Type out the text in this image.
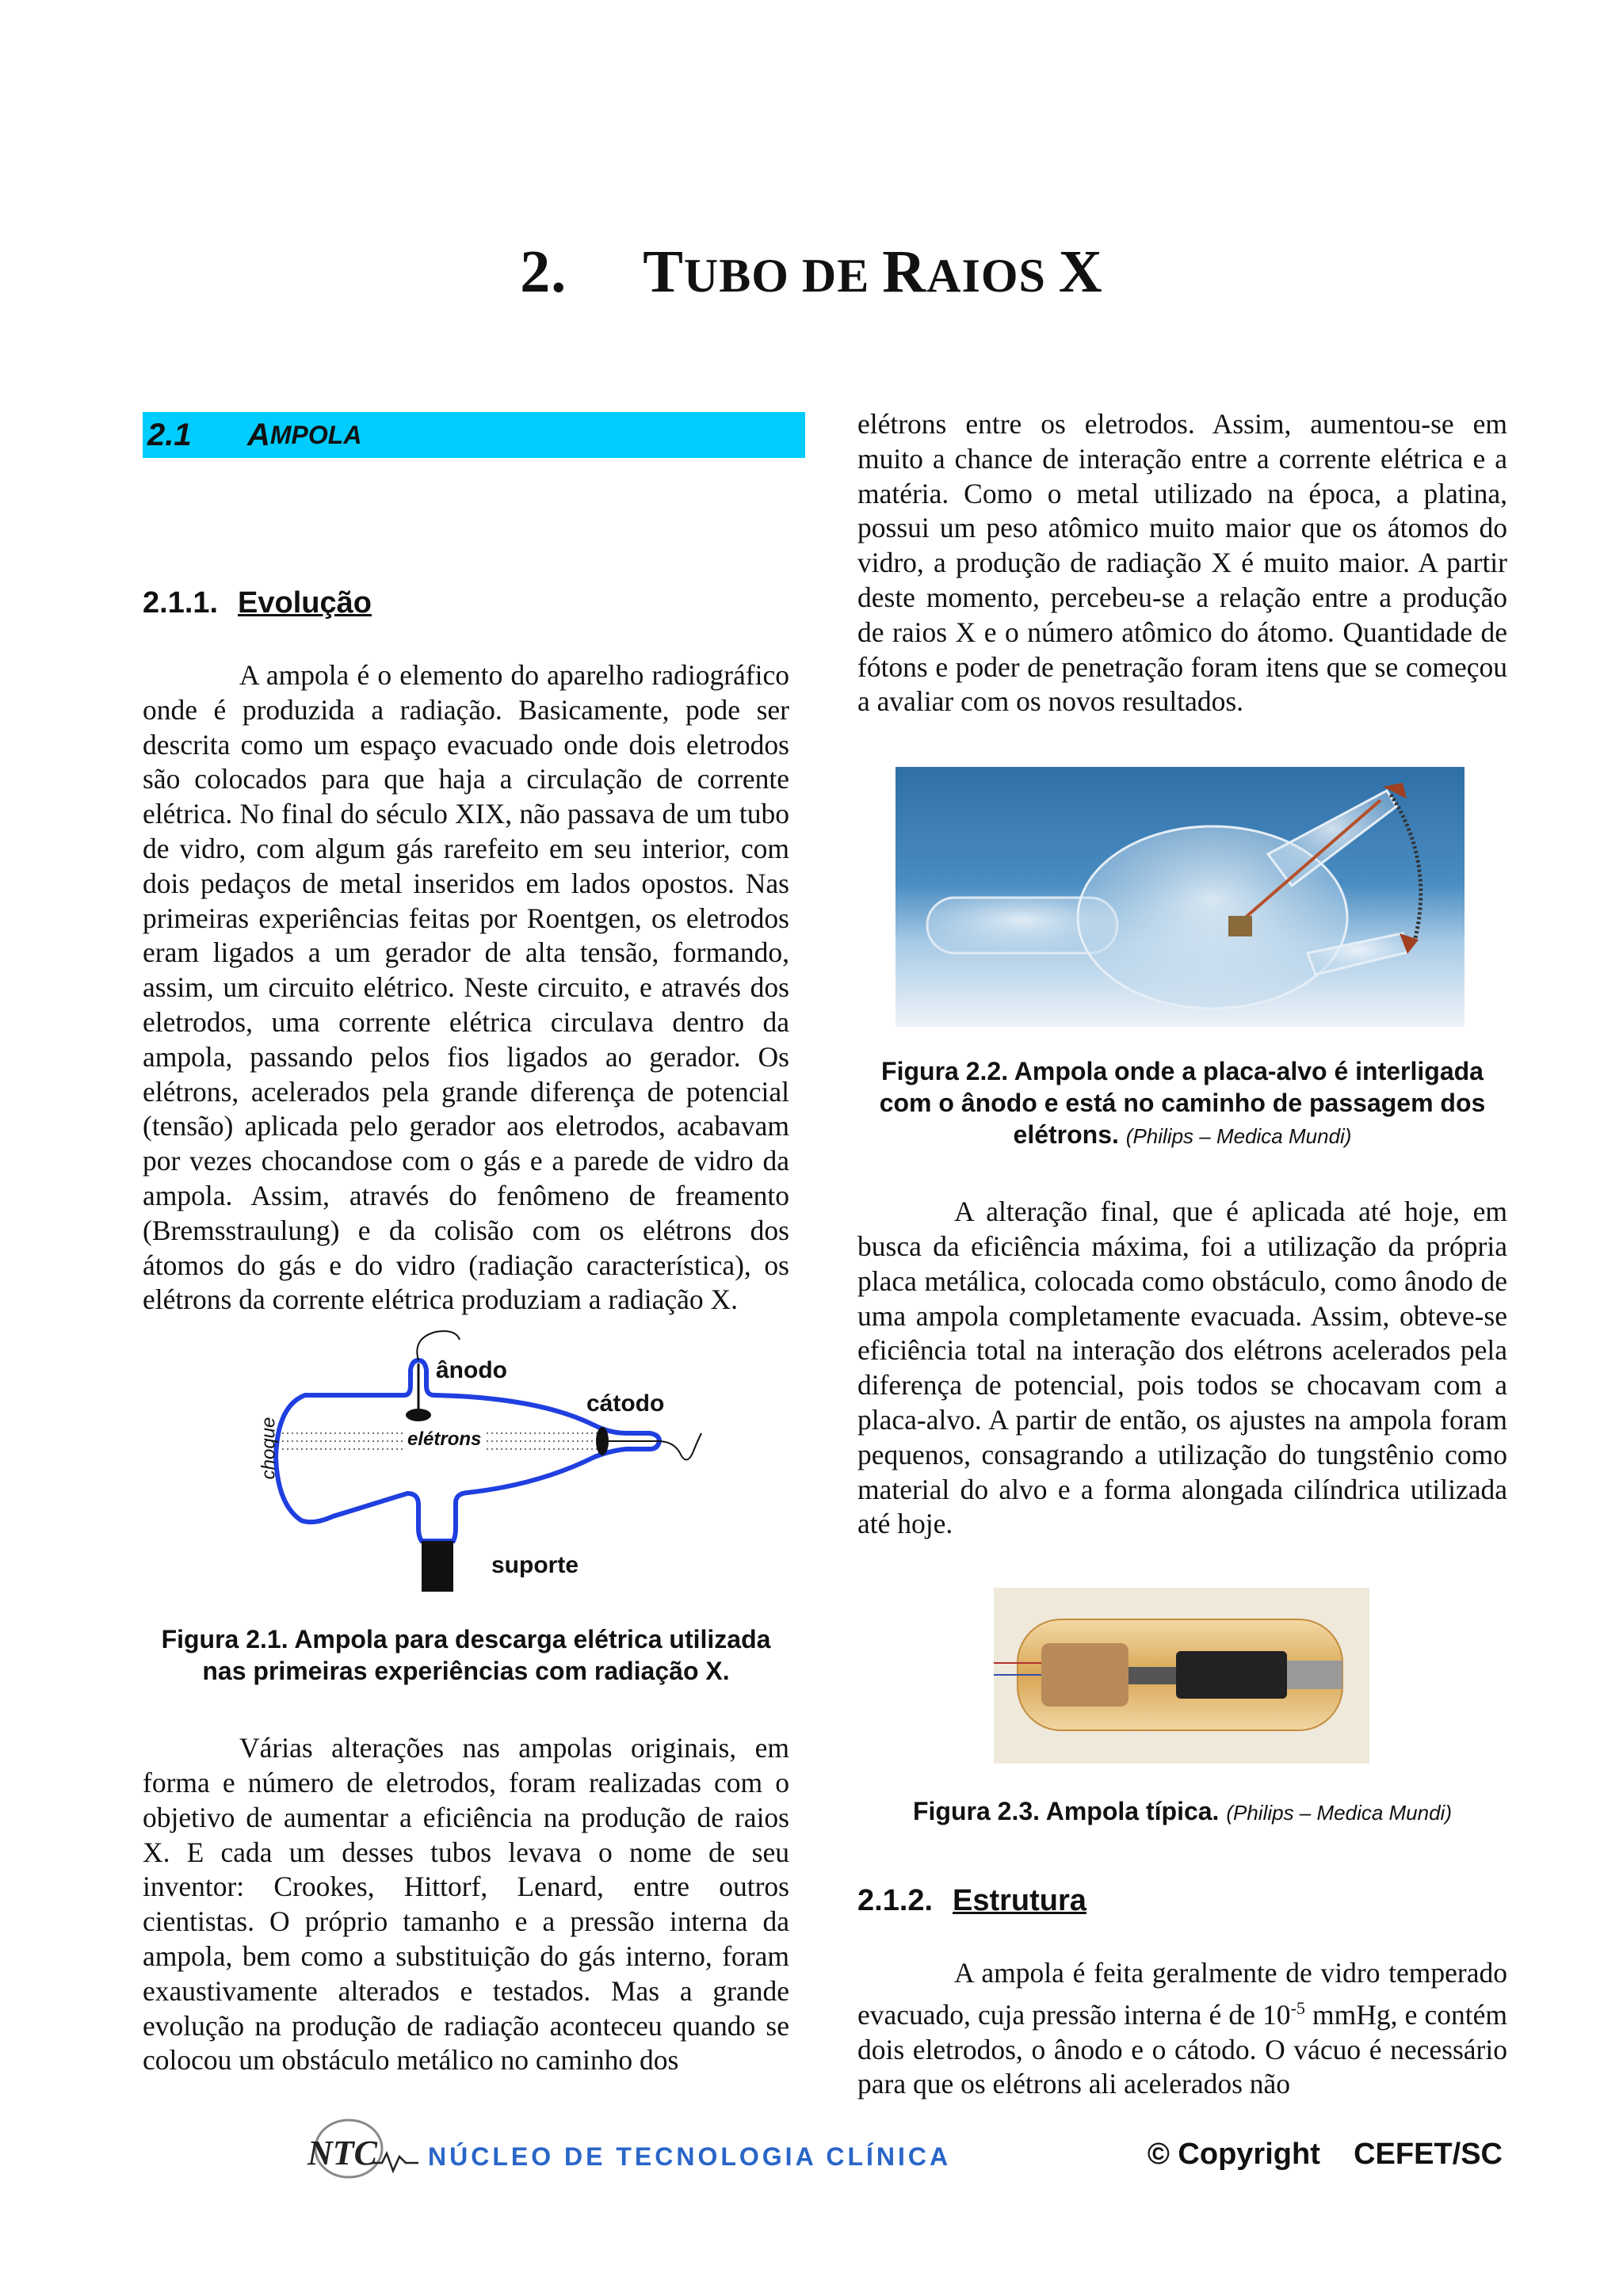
2. TUBO DE RAIOS X
2.1	A MPOLA
2.1.1. Evolução

A ampola é o elemento do aparelho radiográfico onde é produzida a radiação. Basicamente, pode ser descrita como um espaço evacuado onde dois eletrodos são colocados para que haja a circulação de corrente elétrica. No final do século XIX, não passava de um tubo de vidro, com algum gás rarefeito em seu interior, com dois pedaços de metal inseridos em lados opostos. Nas primeiras experiências feitas por Roentgen, os eletrodos eram ligados a um gerador de alta tensão, formando, assim, um circuito elétrico. Neste circuito, e através dos eletrodos, uma corrente elétrica circulava dentro da ampola, passando pelos fios ligados ao gerador. Os elétrons, acelerados pela grande diferença de potencial (tensão) aplicada pelo gerador aos eletrodos, acabavam por vezes chocandose com o gás e a parede de vidro da ampola. Assim, através do fenômeno de freamento (Bremsstraulung) e da colisão com os elétrons dos átomos do gás e do vidro (radiação característica), os elétrons da corrente elétrica produziam a radiação X.

ânodo
cátodo
elétrons
choque
suporte
Figura 2.1. Ampola para descarga elétrica utilizada nas primeiras experiências com radiação X.

Várias alterações nas ampolas originais, em forma e número de eletrodos, foram realizadas com o objetivo de aumentar a eficiência na produção de raios X. E cada um desses tubos levava o nome de seu inventor: Crookes, Hittorf, Lenard, entre outros cientistas. O próprio tamanho e a pressão interna da ampola, bem como a substituição do gás interno, foram exaustivamente alterados e testados. Mas a grande evolução na produção de radiação aconteceu quando se colocou um obstáculo metálico no caminho dos

elétrons entre os eletrodos. Assim, aumentou-se em muito a chance de interação entre a corrente elétrica e a matéria. Como o metal utilizado na época, a platina, possui um peso atômico muito maior que os átomos do vidro, a produção de radiação X é muito maior. A partir deste momento, percebeu-se a relação entre a produção de raios X e o número atômico do átomo. Quantidade de fótons e poder de penetração foram itens que se começou a avaliar com os novos resultados.

Figura 2.2. Ampola onde a placa-alvo é interligada com o ânodo e está no caminho de passagem dos elétrons. (Philips – Medica Mundi)

A alteração final, que é aplicada até hoje, em busca da eficiência máxima, foi a utilização da própria placa metálica, colocada como obstáculo, como ânodo de uma ampola completamente evacuada. Assim, obteve-se eficiência total na interação dos elétrons acelerados pela diferença de potencial, pois todos se chocavam com a placa-alvo. A partir de então, os ajustes na ampola foram pequenos, consagrando a utilização do tungstênio como material do alvo e a forma alongada cilíndrica utilizada até hoje.

Figura 2.3. Ampola típica. (Philips – Medica Mundi)
2.1.2. Estrutura

A ampola é feita geralmente de vidro temperado evacuado, cuja pressão interna é de $10^{-5}$ mmHg, e contém dois eletrodos, o ânodo e o cátodo. O vácuo é necessário para que os elétrons ali acelerados não

NTC NÚCLEO DE TECNOLOGIA CLÍNICA	© Copyright    CEFET/SC
